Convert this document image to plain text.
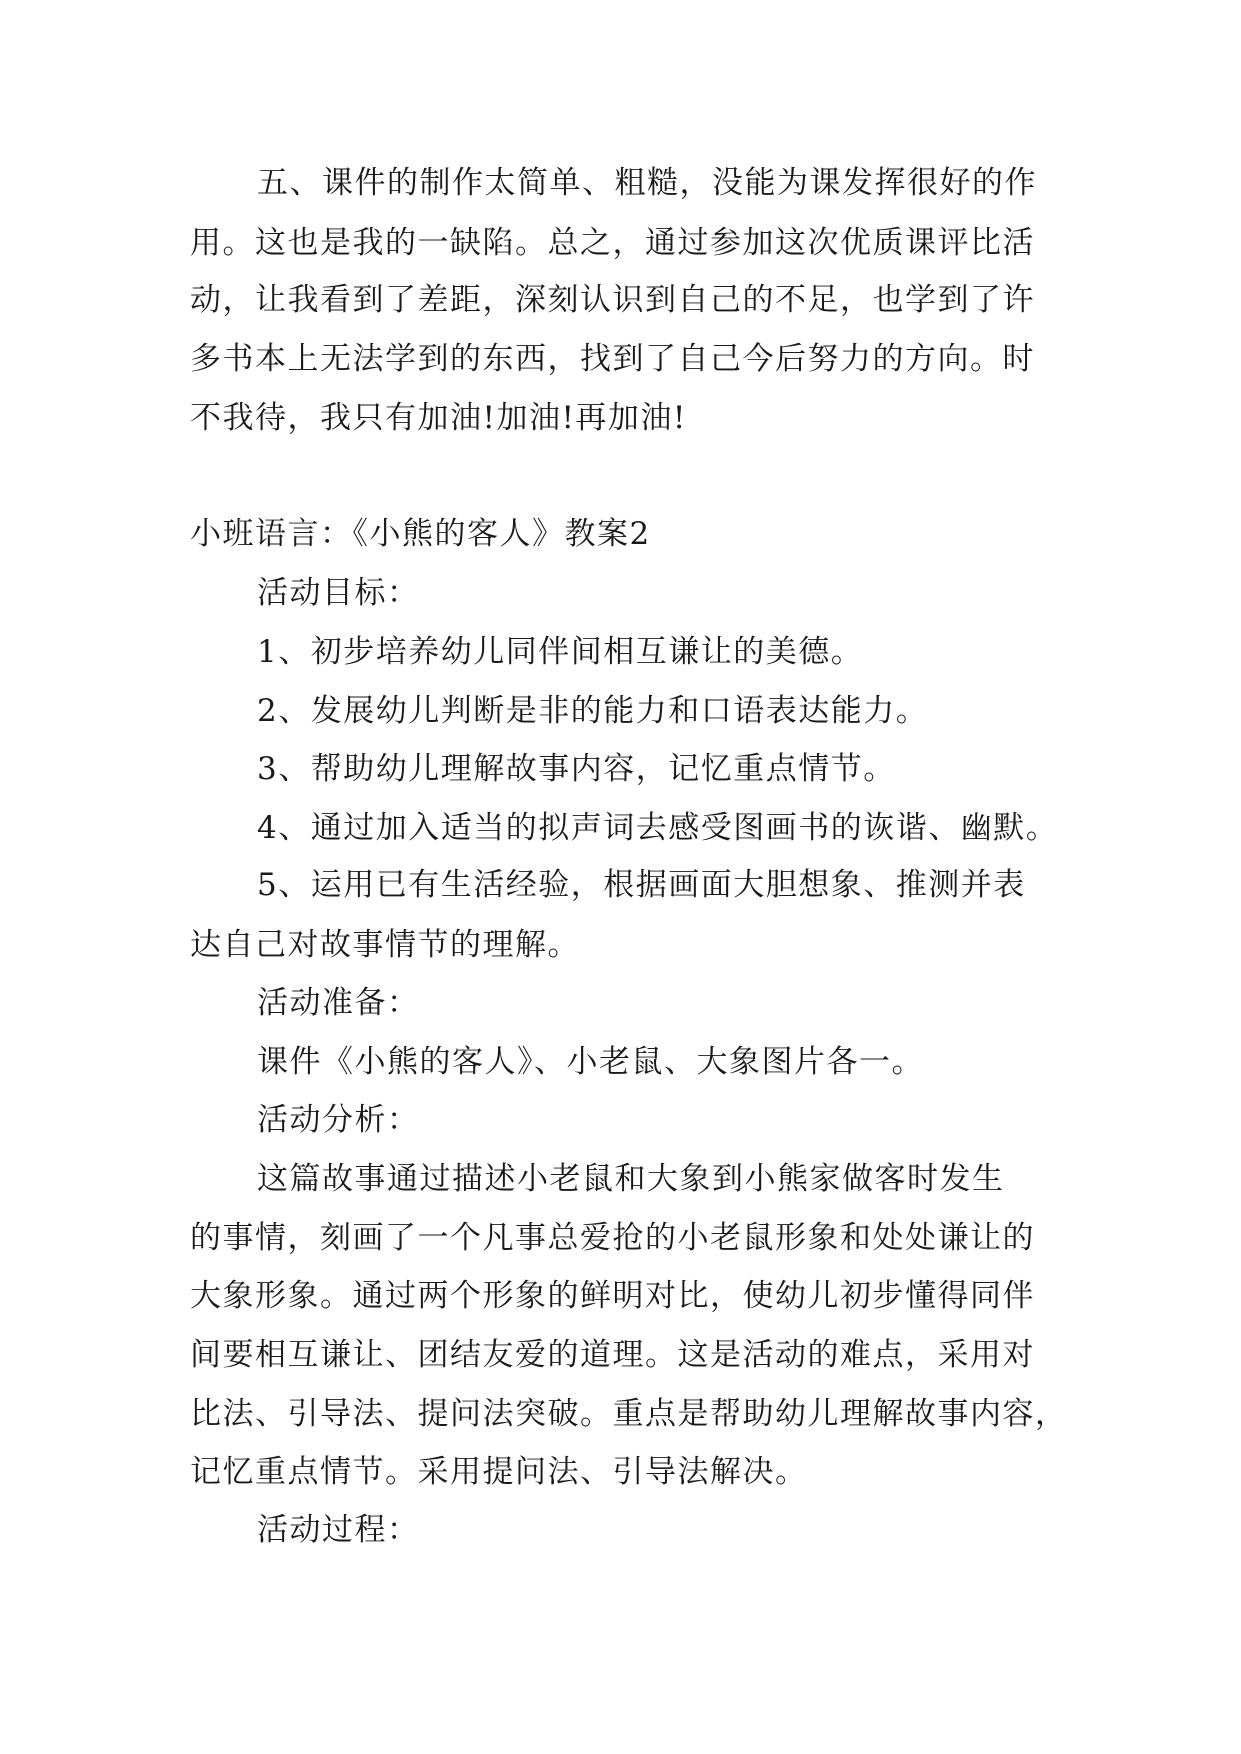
五、课件的制作太简单、粗糙，没能为课发挥很好的作
用。这也是我的一缺陷。总之，通过参加这次优质课评比活
动，让我看到了差距，深刻认识到自己的不足，也学到了许
多书本上无法学到的东西，找到了自己今后努力的方向。时
不我待，我只有加油!加油!再加油!
小班语言：《小熊的客人》教案2
活动目标：
1、初步培养幼儿同伴间相互谦让的美德。
2、发展幼儿判断是非的能力和口语表达能力。
3、帮助幼儿理解故事内容，记忆重点情节。
4、通过加入适当的拟声词去感受图画书的诙谐、幽默。
5、运用已有生活经验，根据画面大胆想象、推测并表
达自己对故事情节的理解。
活动准备：
课件《小熊的客人》、小老鼠、大象图片各一。
活动分析：
这篇故事通过描述小老鼠和大象到小熊家做客时发生
的事情，刻画了一个凡事总爱抢的小老鼠形象和处处谦让的
大象形象。通过两个形象的鲜明对比，使幼儿初步懂得同伴
间要相互谦让、团结友爱的道理。这是活动的难点，采用对
比法、引导法、提问法突破。重点是帮助幼儿理解故事内容，
记忆重点情节。采用提问法、引导法解决。
活动过程：
